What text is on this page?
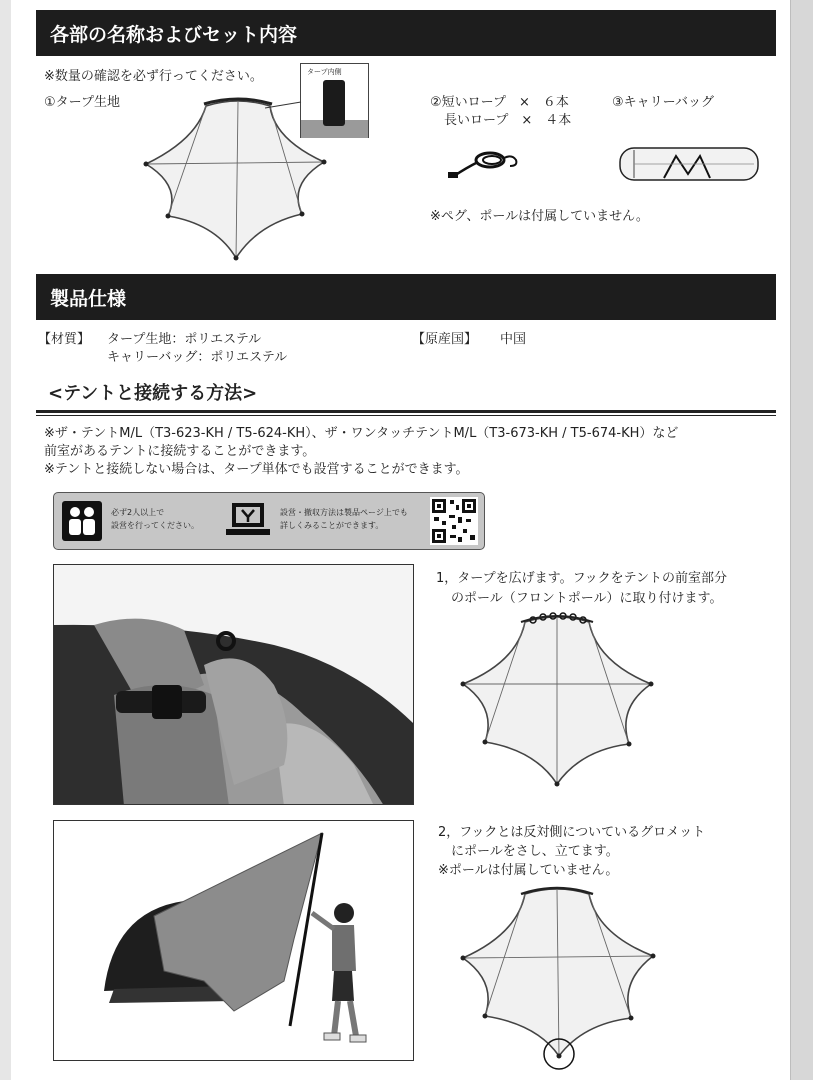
各部の名称およびセット内容
※数量の確認を必ず行ってください。
①タープ生地
タープ内側
②短いロープ　×　６本
長いロープ　×　４本
③キャリーバッグ
※ペグ、ポールは付属していません。
製品仕様
【材質】 タープ生地：ポリエステル
キャリーバッグ：ポリエステル
【原産国】 中国
<テントと接続する方法>
※ザ・テントM/L（T3-623-KH / T5-624-KH）、ザ・ワンタッチテントM/L（T3-673-KH / T5-674-KH）など
前室があるテントに接続することができます。
※テントと接続しない場合は、タープ単体でも設営することができます。
必ず2人以上で
設営を行ってください。
設営・撤収方法は製品ページ上でも
詳しくみることができます。
1，タープを広げます。フックをテントの前室部分
のポール（フロントポール）に取り付けます。
2，フックとは反対側についているグロメット
にポールをさし、立てます。
※ポールは付属していません。
